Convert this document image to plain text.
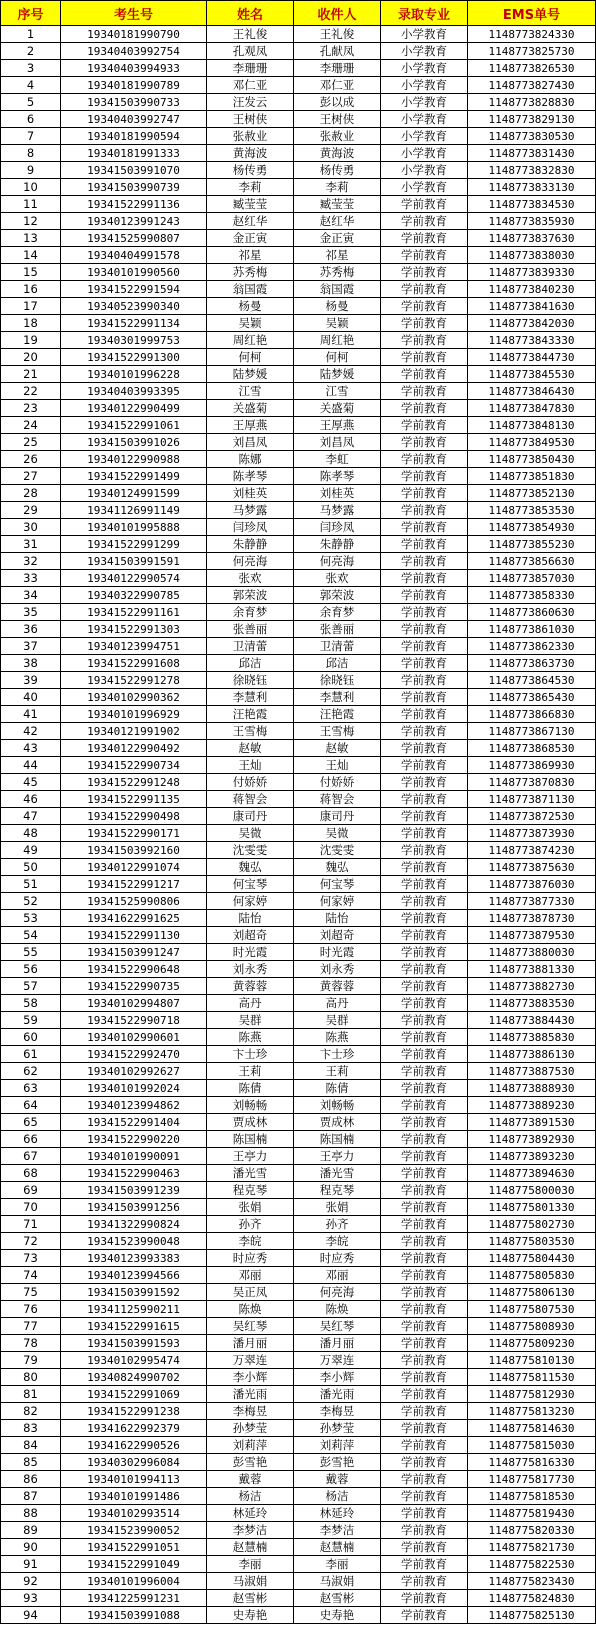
序号	考生号	姓名	收件人	录取专业	EMS单号
1	19340181990790	王礼俊	王礼俊	小学教育	1148773824330
2	19340403992754	孔观凤	孔献凤	小学教育	1148773825730
3	19340403994933	李珊珊	李珊珊	小学教育	1148773826530
4	19340181990789	邓仁亚	邓仁亚	小学教育	1148773827430
5	19341503990733	汪发云	彭以成	小学教育	1148773828830
6	19340403992747	王树侠	王树侠	小学教育	1148773829130
7	19340181990594	张赦业	张赦业	小学教育	1148773830530
8	19340181991333	黄海波	黄海波	小学教育	1148773831430
9	19341503991070	杨传勇	杨传勇	小学教育	1148773832830
10	19341503990739	李莉	李莉	小学教育	1148773833130
11	19341522991136	臧莹莹	臧莹莹	学前教育	1148773834530
12	19340123991243	赵红华	赵红华	学前教育	1148773835930
13	19341525990807	金正寅	金正寅	学前教育	1148773837630
14	19340404991578	祁星	祁星	学前教育	1148773838030
15	19340101990560	苏秀梅	苏秀梅	学前教育	1148773839330
16	19341522991594	翁国霞	翁国霞	学前教育	1148773840230
17	19340523990340	杨曼	杨曼	学前教育	1148773841630
18	19341522991134	吴颖	吴颖	学前教育	1148773842030
19	19340301999753	周红艳	周红艳	学前教育	1148773843330
20	19341522991300	何柯	何柯	学前教育	1148773844730
21	19340101996228	陆梦媛	陆梦媛	学前教育	1148773845530
22	19340403993395	江雪	江雪	学前教育	1148773846430
23	19340122990499	关盛菊	关盛菊	学前教育	1148773847830
24	19341522991061	王厚燕	王厚燕	学前教育	1148773848130
25	19341503991026	刘昌凤	刘昌凤	学前教育	1148773849530
26	19340122990988	陈娜	李虹	学前教育	1148773850430
27	19341522991499	陈孝琴	陈孝琴	学前教育	1148773851830
28	19340124991599	刘桂英	刘桂英	学前教育	1148773852130
29	19341126991149	马梦露	马梦露	学前教育	1148773853530
30	19340101995888	闫珍凤	闫珍凤	学前教育	1148773854930
31	19341522991299	朱静静	朱静静	学前教育	1148773855230
32	19341503991591	何亮海	何亮海	学前教育	1148773856630
33	19340122990574	张欢	张欢	学前教育	1148773857030
34	19340322990785	郭荣波	郭荣波	学前教育	1148773858330
35	19341522991161	余育梦	余育梦	学前教育	1148773860630
36	19341522991303	张善丽	张善丽	学前教育	1148773861030
37	19340123994751	卫清蕾	卫清蕾	学前教育	1148773862330
38	19341522991608	邱洁	邱洁	学前教育	1148773863730
39	19341522991278	徐晓钰	徐晓钰	学前教育	1148773864530
40	19340102990362	李慧利	李慧利	学前教育	1148773865430
41	19340101996929	汪艳霞	汪艳霞	学前教育	1148773866830
42	19340121991902	王雪梅	王雪梅	学前教育	1148773867130
43	19340122990492	赵敏	赵敏	学前教育	1148773868530
44	19341522990734	王灿	王灿	学前教育	1148773869930
45	19341522991248	付娇娇	付娇娇	学前教育	1148773870830
46	19341522991135	蒋智会	蒋智会	学前教育	1148773871130
47	19341522990498	康司丹	康司丹	学前教育	1148773872530
48	19341522990171	吴微	吴微	学前教育	1148773873930
49	19341503992160	沈雯雯	沈雯雯	学前教育	1148773874230
50	19340122991074	魏弘	魏弘	学前教育	1148773875630
51	19341522991217	何宝琴	何宝琴	学前教育	1148773876030
52	19341525990806	何家婷	何家婷	学前教育	1148773877330
53	19341622991625	陆怡	陆怡	学前教育	1148773878730
54	19341522991130	刘超奇	刘超奇	学前教育	1148773879530
55	19341503991247	时光霞	时光霞	学前教育	1148773880030
56	19341522990648	刘永秀	刘永秀	学前教育	1148773881330
57	19341522990735	黄蓉蓉	黄蓉蓉	学前教育	1148773882730
58	19340102994807	高丹	高丹	学前教育	1148773883530
59	19341522990718	吴群	吴群	学前教育	1148773884430
60	19340102990601	陈燕	陈燕	学前教育	1148773885830
61	19341522992470	卞士珍	卞士珍	学前教育	1148773886130
62	19340102992627	王莉	王莉	学前教育	1148773887530
63	19340101992024	陈倩	陈倩	学前教育	1148773888930
64	19340123994862	刘畅畅	刘畅畅	学前教育	1148773889230
65	19341522991404	贾成林	贾成林	学前教育	1148773891530
66	19341522990220	陈国楠	陈国楠	学前教育	1148773892930
67	19340101990091	王亭力	王亭力	学前教育	1148773893230
68	19341522990463	潘光雪	潘光雪	学前教育	1148773894630
69	19341503991239	程克琴	程克琴	学前教育	1148775800030
70	19341503991256	张娟	张娟	学前教育	1148775801330
71	19341322990824	孙齐	孙齐	学前教育	1148775802730
72	19341523990048	李皖	李皖	学前教育	1148775803530
73	19340123993383	时应秀	时应秀	学前教育	1148775804430
74	19340123994566	邓丽	邓丽	学前教育	1148775805830
75	19341503991592	吴正凤	何亮海	学前教育	1148775806130
76	19341125990211	陈焕	陈焕	学前教育	1148775807530
77	19341522991615	吴红琴	吴红琴	学前教育	1148775808930
78	19341503991593	潘月丽	潘月丽	学前教育	1148775809230
79	19340102995474	万翠连	万翠连	学前教育	1148775810130
80	19340824990702	李小辉	李小辉	学前教育	1148775811530
81	19341522991069	潘光雨	潘光雨	学前教育	1148775812930
82	19341522991238	李梅昱	李梅昱	学前教育	1148775813230
83	19341622992379	孙梦莹	孙梦莹	学前教育	1148775814630
84	19341622990526	刘莉萍	刘莉萍	学前教育	1148775815030
85	19340302996084	彭雪艳	彭雪艳	学前教育	1148775816330
86	19340101994113	戴蓉	戴蓉	学前教育	1148775817730
87	19340101991486	杨洁	杨洁	学前教育	1148775818530
88	19340102993514	林延玲	林延玲	学前教育	1148775819430
89	19341523990052	李梦洁	李梦洁	学前教育	1148775820330
90	19341522991051	赵慧楠	赵慧楠	学前教育	1148775821730
91	19341522991049	李丽	李丽	学前教育	1148775822530
92	19340101996004	马淑娟	马淑娟	学前教育	1148775823430
93	19341225991231	赵雪彬	赵雪彬	学前教育	1148775824830
94	19341503991088	史寿艳	史寿艳	学前教育	1148775825130
